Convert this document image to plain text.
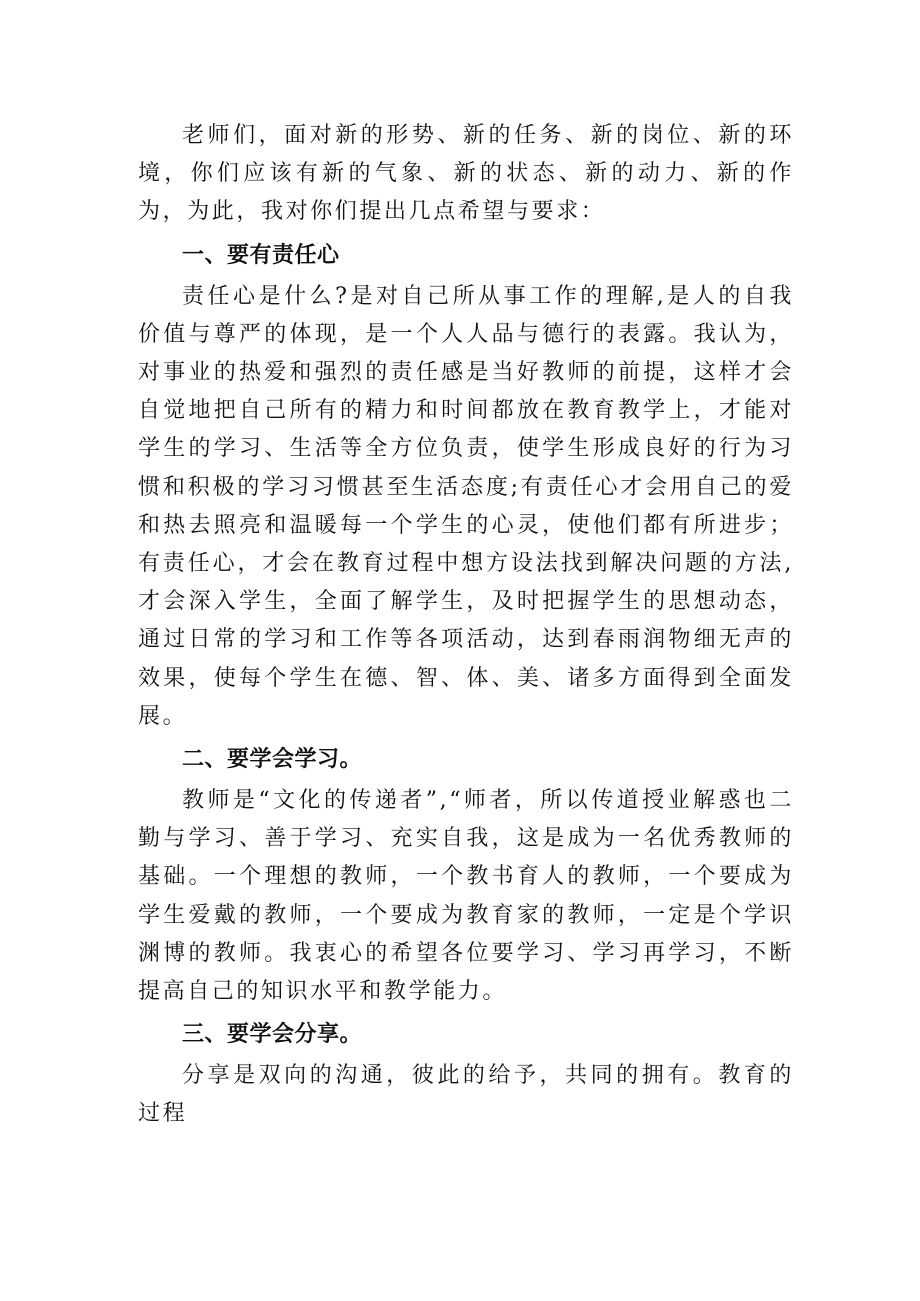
老师们，面对新的形势、新的任务、新的岗位、新的环境，你们应该有新的气象、新的状态、新的动力、新的作为，为此，我对你们提出几点希望与要求：

一、要有责任心

责任心是什么?是对自己所从事工作的理解,是人的自我价值与尊严的体现，是一个人人品与德行的表露。我认为，对事业的热爱和强烈的责任感是当好教师的前提，这样才会自觉地把自己所有的精力和时间都放在教育教学上，才能对学生的学习、生活等全方位负责，使学生形成良好的行为习惯和积极的学习习惯甚至生活态度;有责任心才会用自己的爱和热去照亮和温暖每一个学生的心灵，使他们都有所进步；有责任心，才会在教育过程中想方设法找到解决问题的方法,才会深入学生，全面了解学生，及时把握学生的思想动态，通过日常的学习和工作等各项活动，达到春雨润物细无声的效果，使每个学生在德、智、体、美、诸多方面得到全面发展。

二、要学会学习。

教师是“文化的传递者”,“师者，所以传道授业解惑也二勤与学习、善于学习、充实自我，这是成为一名优秀教师的基础。一个理想的教师，一个教书育人的教师，一个要成为学生爱戴的教师，一个要成为教育家的教师，一定是个学识渊博的教师。我衷心的希望各位要学习、学习再学习，不断提高自己的知识水平和教学能力。

三、要学会分享。

分享是双向的沟通，彼此的给予，共同的拥有。教育的过程
